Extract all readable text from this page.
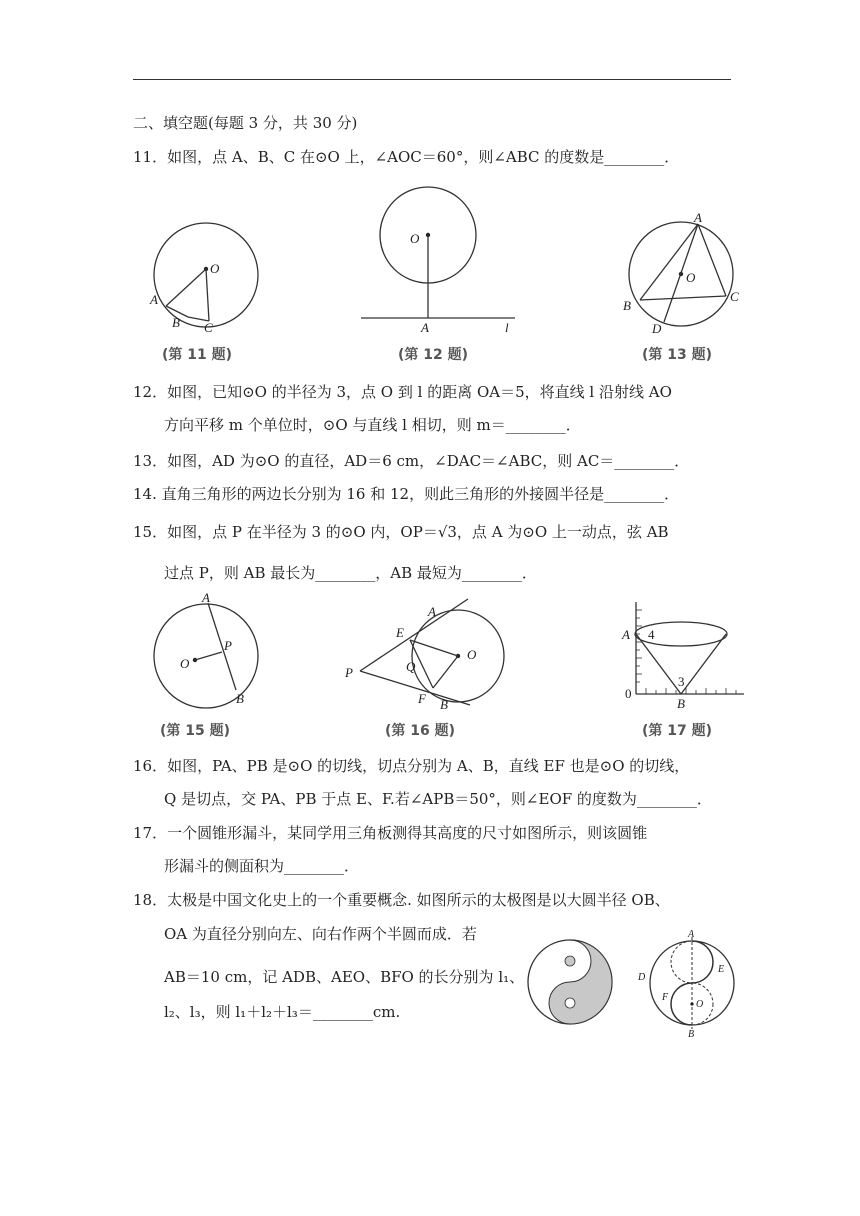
二、填空题(每题 3 分，共 30 分)
11．如图，点 A、B、C 在⊙O 上，∠AOC＝60°，则∠ABC 的度数是________．
O
A
B C
(第 11 题)
O
A	l
(第 12 题)
A
O
B
C
D
(第 13 题)
12．如图，已知⊙O 的半径为 3，点 O 到 l 的距离 OA＝5，将直线 l 沿射线 AO
方向平移 m 个单位时，⊙O 与直线 l 相切，则 m＝________．
13．如图，AD 为⊙O 的直径，AD＝6 cm，∠DAC＝∠ABC，则 AC＝________．
14. 直角三角形的两边长分别为 16 和 12，则此三角形的外接圆半径是________．
15．如图，点 P 在半径为 3 的⊙O 内，OP＝√3，点 A 为⊙O 上一动点，弦 AB
过点 P，则 AB 最长为________，AB 最短为________．
A
O
P
B
(第 15 题)
A
E
Q
O
P
F B
(第 16 题)
A 4
3
0
B
(第 17 题)
16．如图，PA、PB 是⊙O 的切线，切点分别为 A、B，直线 EF 也是⊙O 的切线，
Q 是切点，交 PA、PB 于点 E、F.若∠APB＝50°，则∠EOF 的度数为________．
17．一个圆锥形漏斗，某同学用三角板测得其高度的尺寸如图所示，则该圆锥
形漏斗的侧面积为________．
18．太极是中国文化史上的一个重要概念. 如图所示的太极图是以大圆半径 OB、
OA 为直径分别向左、向右作两个半圆而成．若
AB＝10 cm，记 ADB、AEO、BFO 的长分别为 l₁、
l₂、l₃，则 l₁＋l₂＋l₃＝________cm.
A
E
D
F
O
B
